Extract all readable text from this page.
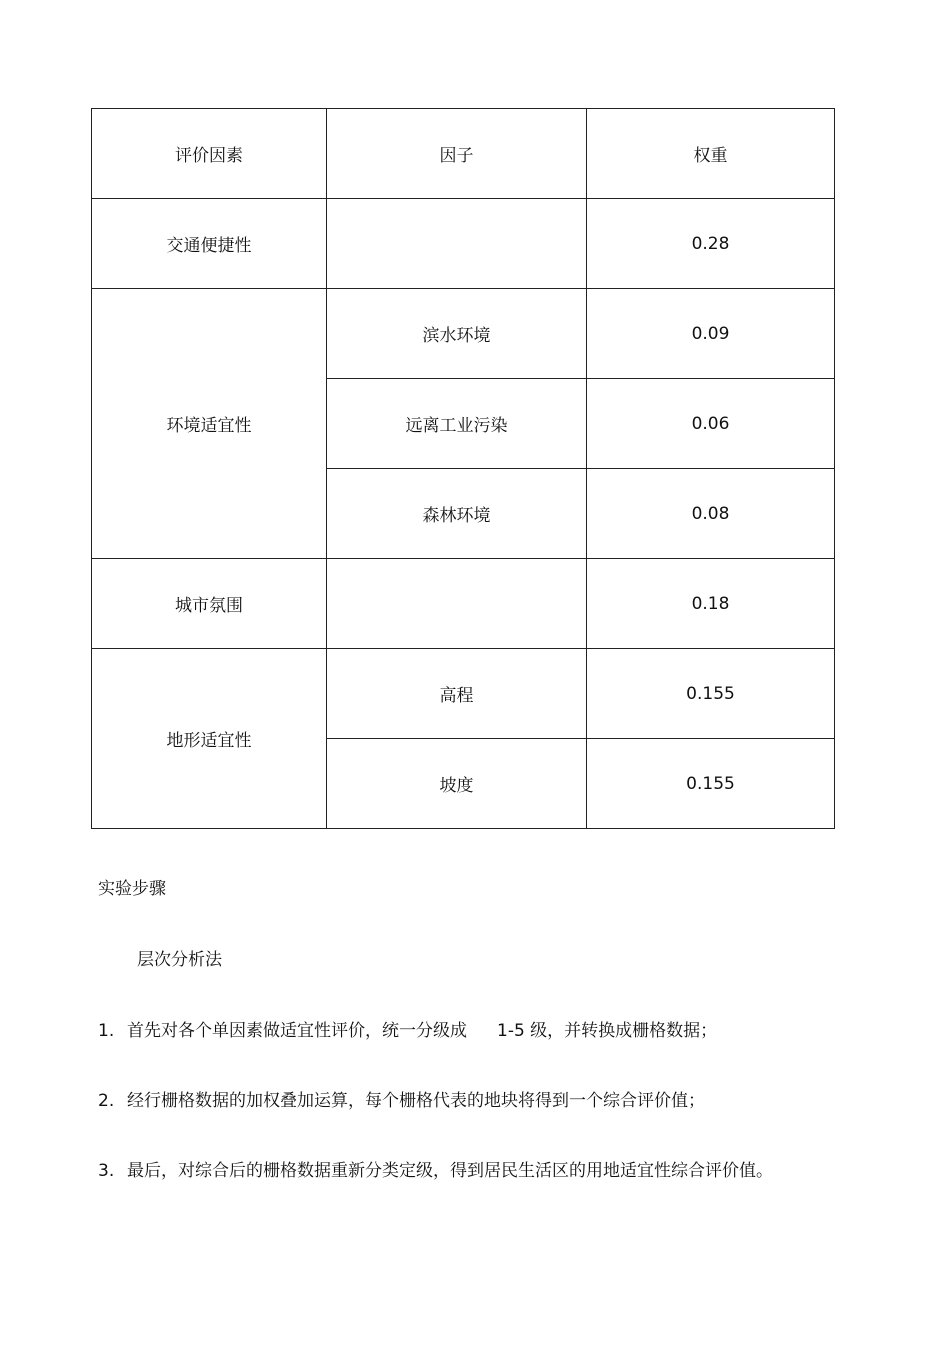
评价因素	因子	权重
交通便捷性		0.28
环境适宜性	滨水环境	0.09
	远离工业污染	0.06
	森林环境	0.08
城市氛围		0.18
地形适宜性	高程	0.155
	坡度	0.155
实验步骤
层次分析法
1. 首先对各个单因素做适宜性评价，统一分级成 1-5 级，并转换成栅格数据；
2. 经行栅格数据的加权叠加运算，每个栅格代表的地块将得到一个综合评价值；
3. 最后，对综合后的栅格数据重新分类定级，得到居民生活区的用地适宜性综合评价值。
